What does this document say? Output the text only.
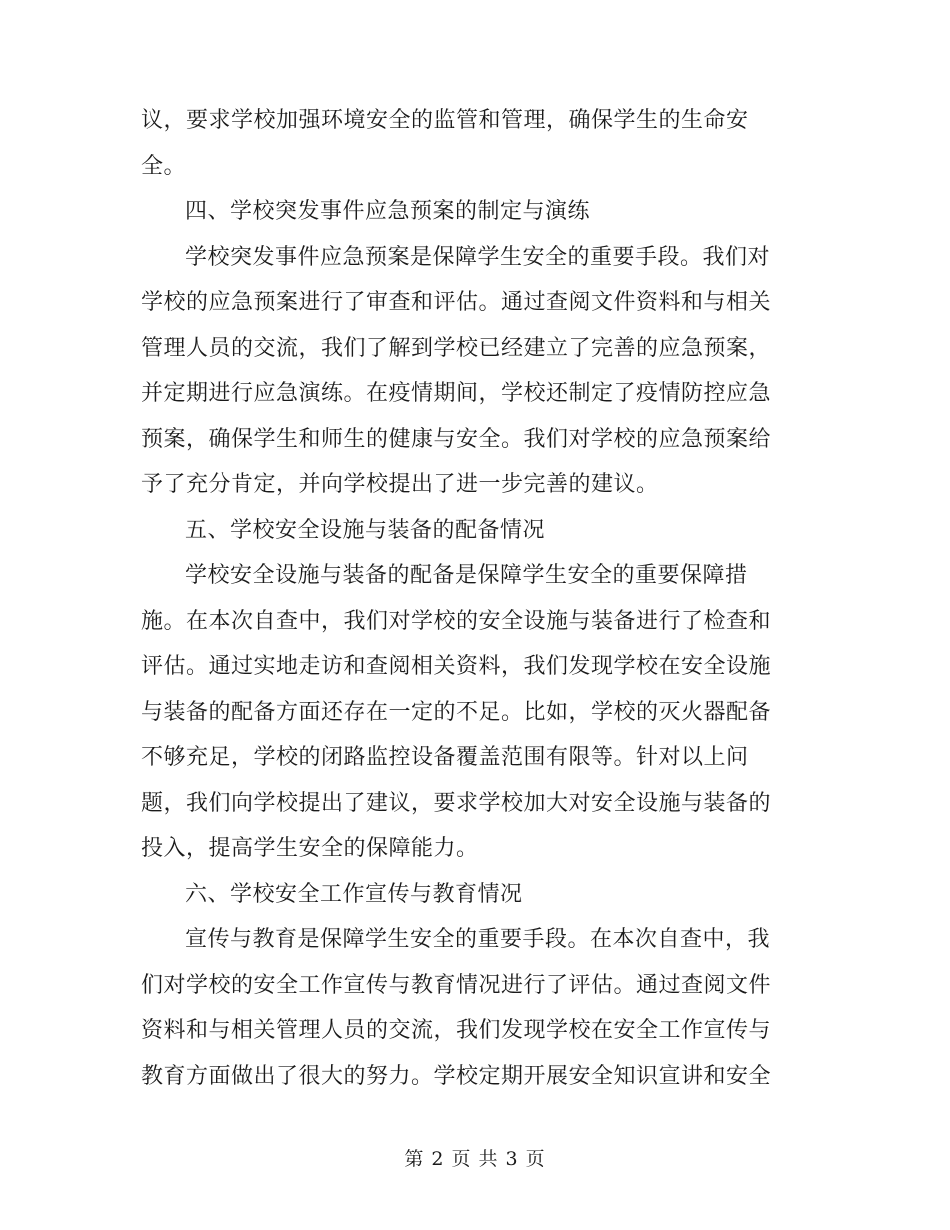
议，要求学校加强环境安全的监管和管理，确保学生的生命安
全。
四、学校突发事件应急预案的制定与演练
学校突发事件应急预案是保障学生安全的重要手段。我们对
学校的应急预案进行了审查和评估。通过查阅文件资料和与相关
管理人员的交流，我们了解到学校已经建立了完善的应急预案，
并定期进行应急演练。在疫情期间，学校还制定了疫情防控应急
预案，确保学生和师生的健康与安全。我们对学校的应急预案给
予了充分肯定，并向学校提出了进一步完善的建议。
五、学校安全设施与装备的配备情况
学校安全设施与装备的配备是保障学生安全的重要保障措
施。在本次自查中，我们对学校的安全设施与装备进行了检查和
评估。通过实地走访和查阅相关资料，我们发现学校在安全设施
与装备的配备方面还存在一定的不足。比如，学校的灭火器配备
不够充足，学校的闭路监控设备覆盖范围有限等。针对以上问
题，我们向学校提出了建议，要求学校加大对安全设施与装备的
投入，提高学生安全的保障能力。
六、学校安全工作宣传与教育情况
宣传与教育是保障学生安全的重要手段。在本次自查中，我
们对学校的安全工作宣传与教育情况进行了评估。通过查阅文件
资料和与相关管理人员的交流，我们发现学校在安全工作宣传与
教育方面做出了很大的努力。学校定期开展安全知识宣讲和安全
第 2 页 共 3 页
